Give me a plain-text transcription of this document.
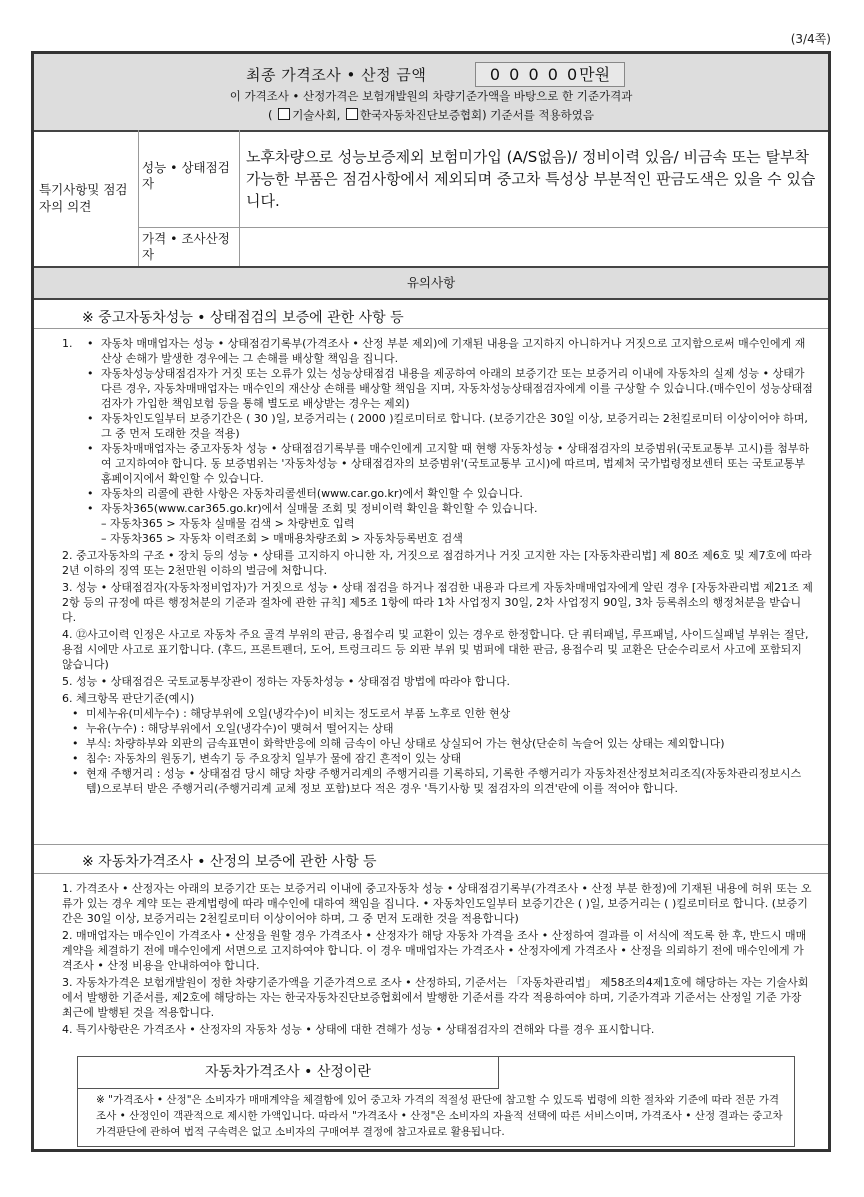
(3/4쪽)
최종 가격조사 • 산정 금액	0 0 0 0 0만원
이 가격조사 • 산정가격은 보험개발원의 차량기준가액을 바탕으로 한 기준가격과
( 기술사회, 한국자동차진단보증협회) 기준서를 적용하였음
특기사항및 점검자의 의견
성능 • 상태점검자
노후차량으로 성능보증제외 보험미가입 (A/S없음)/ 정비이력 있음/ 비금속 또는 탈부착 가능한 부품은 점검사항에서 제외되며 중고차 특성상 부분적인 판금도색은 있을 수 있습니다.
가격 • 조사산정자
유의사항
※ 중고자동차성능 • 상태점검의 보증에 관한 사항 등
1. • 자동차 매매업자는 성능 • 상태점검기록부(가격조사 • 산정 부분 제외)에 기재된 내용을 고지하지 아니하거나 거짓으로 고지함으로써 매수인에게 재산상 손해가 발생한 경우에는 그 손해를 배상할 책임을 집니다.
• 자동차성능상태점검자가 거짓 또는 오류가 있는 성능상태점검 내용을 제공하여 아래의 보증기간 또는 보증거리 이내에 자동차의 실제 성능 • 상태가 다른 경우, 자동차매매업자는 매수인의 재산상 손해를 배상할 책임을 지며, 자동차성능상태점검자에게 이를 구상할 수 있습니다.(매수인이 성능상태점검자가 가입한 책임보험 등을 통해 별도로 배상받는 경우는 제외)
• 자동차인도일부터 보증기간은 ( 30 )일, 보증거리는 ( 2000 )킬로미터로 합니다. (보증기간은 30일 이상, 보증거리는 2천킬로미터 이상이어야 하며, 그 중 먼저 도래한 것을 적용)
• 자동차매매업자는 중고자동차 성능 • 상태점검기록부를 매수인에게 고지할 때 현행 자동차성능 • 상태점검자의 보증범위(국토교통부 고시)를 첨부하여 고지하여야 합니다. 동 보증범위는 '자동차성능 • 상태점검자의 보증범위'(국토교통부 고시)에 따르며, 법제처 국가법령정보센터 또는 국토교통부 홈페이지에서 확인할 수 있습니다.
• 자동차의 리콜에 관한 사항은 자동차리콜센터(www.car.go.kr)에서 확인할 수 있습니다.
• 자동차365(www.car365.go.kr)에서 실매물 조회 및 정비이력 확인을 확인할 수 있습니다.
– 자동차365 > 자동차 실매물 검색 > 차량번호 입력
– 자동차365 > 자동차 이력조회 > 매매용차량조회 > 자동차등록번호 검색
2. 중고자동차의 구조 • 장치 등의 성능 • 상태를 고지하지 아니한 자, 거짓으로 점검하거나 거짓 고지한 자는 [자동차관리법] 제 80조 제6호 및 제7호에 따라 2년 이하의 징역 또는 2천만원 이하의 벌금에 처합니다.
3. 성능 • 상태점검자(자동차정비업자)가 거짓으로 성능 • 상태 점검을 하거나 점검한 내용과 다르게 자동차매매업자에게 알린 경우 [자동차관리법 제21조 제2항 등의 규정에 따른 행정처분의 기준과 절차에 관한 규칙] 제5조 1항에 따라 1차 사업정지 30일, 2차 사업정지 90일, 3차 등록취소의 행정처분을 받습니다.
4. ⑫사고이력 인정은 사고로 자동차 주요 골격 부위의 판금, 용접수리 및 교환이 있는 경우로 한정합니다. 단 쿼터패널, 루프패널, 사이드실패널 부위는 절단, 용접 시에만 사고로 표기합니다. (후드, 프론트펜더, 도어, 트렁크리드 등 외판 부위 및 범퍼에 대한 판금, 용접수리 및 교환은 단순수리로서 사고에 포함되지 않습니다)
5. 성능 • 상태점검은 국토교통부장관이 정하는 자동차성능 • 상태점검 방법에 따라야 합니다.
6. 체크항목 판단기준(예시)
• 미세누유(미세누수) : 해당부위에 오일(냉각수)이 비치는 정도로서 부품 노후로 인한 현상
• 누유(누수) : 해당부위에서 오일(냉각수)이 맺혀서 떨어지는 상태
• 부식: 차량하부와 외판의 금속표면이 화학반응에 의해 금속이 아닌 상태로 상실되어 가는 현상(단순히 녹슬어 있는 상태는 제외합니다)
• 침수: 자동차의 원동기, 변속기 등 주요장치 일부가 물에 잠긴 흔적이 있는 상태
• 현재 주행거리 : 성능 • 상태점검 당시 해당 차량 주행거리계의 주행거리를 기록하되, 기록한 주행거리가 자동차전산정보처리조직(자동차관리정보시스템)으로부터 받은 주행거리(주행거리계 교체 정보 포함)보다 적은 경우 '특기사항 및 점검자의 의견'란에 이를 적어야 합니다.
※ 자동차가격조사 • 산정의 보증에 관한 사항 등
1. 가격조사 • 산정자는 아래의 보증기간 또는 보증거리 이내에 중고자동차 성능 • 상태점검기록부(가격조사 • 산정 부분 한정)에 기재된 내용에 허위 또는 오류가 있는 경우 계약 또는 관계법령에 따라 매수인에 대하여 책임을 집니다. • 자동차인도일부터 보증기간은 ( )일, 보증거리는 ( )킬로미터로 합니다. (보증기간은 30일 이상, 보증거리는 2천킬로미터 이상이어야 하며, 그 중 먼저 도래한 것을 적용합니다)
2. 매매업자는 매수인이 가격조사 • 산정을 원할 경우 가격조사 • 산정자가 해당 자동차 가격을 조사 • 산정하여 결과를 이 서식에 적도록 한 후, 반드시 매매계약을 체결하기 전에 매수인에게 서면으로 고지하여야 합니다. 이 경우 매매업자는 가격조사 • 산정자에게 가격조사 • 산정을 의뢰하기 전에 매수인에게 가격조사 • 산정 비용을 안내하여야 합니다.
3. 자동차가격은 보험개발원이 정한 차량기준가액을 기준가격으로 조사 • 산정하되, 기준서는 「자동차관리법」 제58조의4제1호에 해당하는 자는 기술사회에서 발행한 기준서를, 제2호에 해당하는 자는 한국자동차진단보증협회에서 발행한 기준서를 각각 적용하여야 하며, 기준가격과 기준서는 산정일 기준 가장 최근에 발행된 것을 적용합니다.
4. 특기사항란은 가격조사 • 산정자의 자동차 성능 • 상태에 대한 견해가 성능 • 상태점검자의 견해와 다를 경우 표시합니다.
자동차가격조사 • 산정이란
※ "가격조사 • 산정"은 소비자가 매매계약을 체결함에 있어 중고차 가격의 적절성 판단에 참고할 수 있도록 법령에 의한 절차와 기준에 따라 전문 가격조사 • 산정인이 객관적으로 제시한 가액입니다. 따라서 "가격조사 • 산정"은 소비자의 자율적 선택에 따른 서비스이며, 가격조사 • 산정 결과는 중고차 가격판단에 관하여 법적 구속력은 없고 소비자의 구매여부 결정에 참고자료로 활용됩니다.
